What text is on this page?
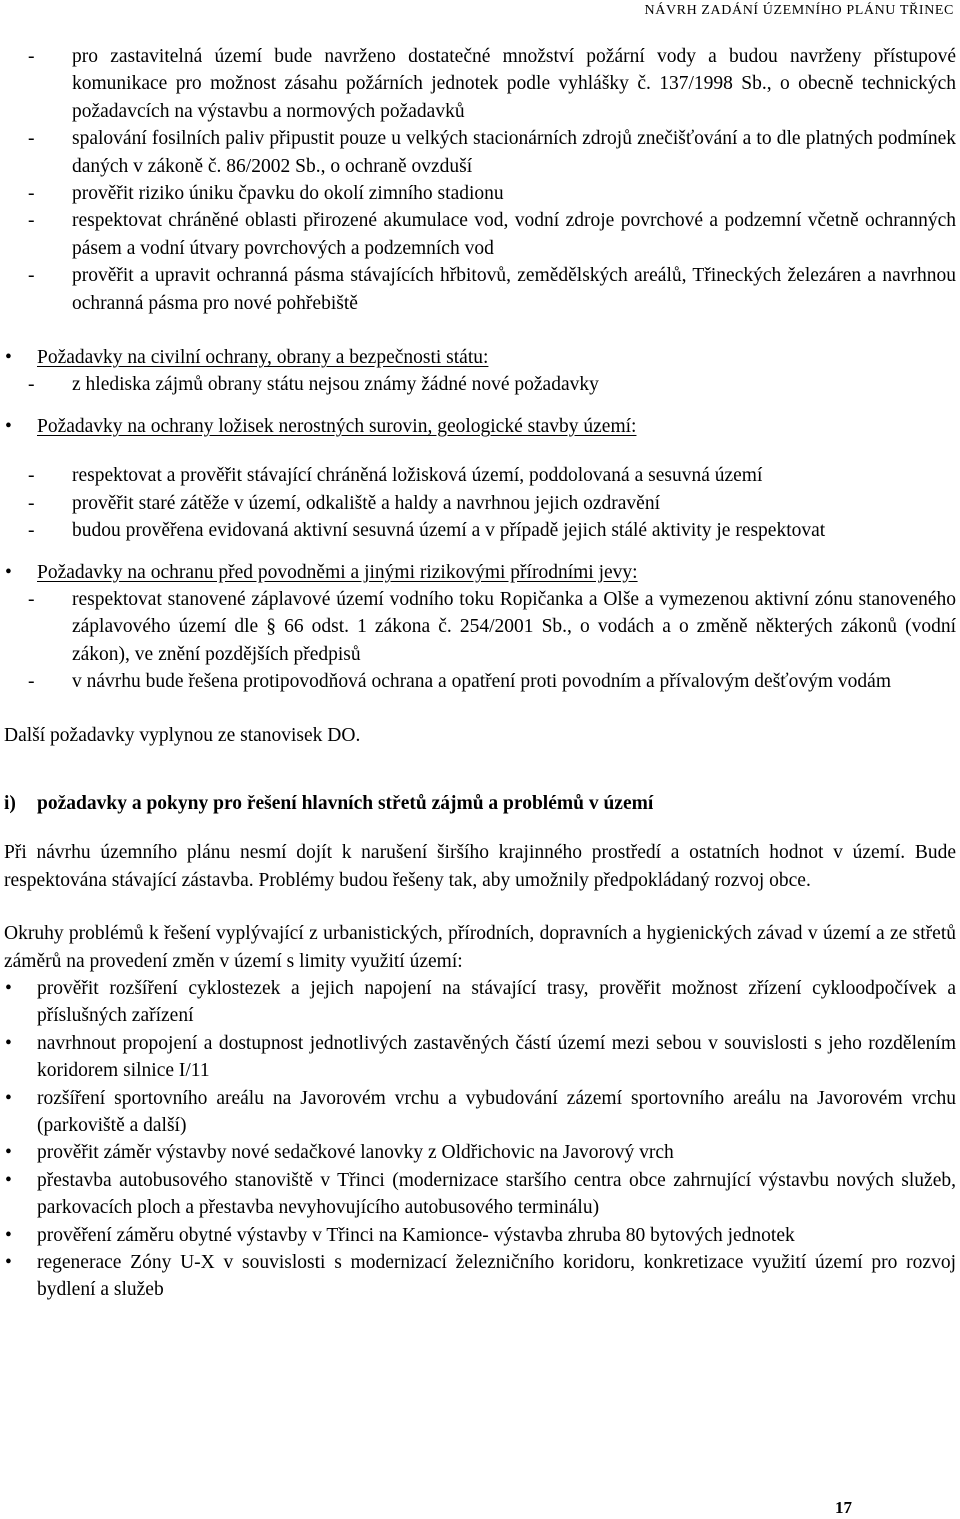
NÁVRH ZADÁNÍ ÚZEMNÍHO PLÁNU TŘINEC
- pro zastavitelná území bude navrženo dostatečné množství požární vody a budou navrženy přístupové komunikace pro možnost zásahu požárních jednotek podle vyhlášky č. 137/1998 Sb., o obecně technických požadavcích na výstavbu a normových požadavků
- spalování fosilních paliv připustit pouze u velkých stacionárních zdrojů znečišťování a to dle platných podmínek daných v zákoně č. 86/2002 Sb., o ochraně ovzduší
- prověřit riziko úniku čpavku do okolí zimního stadionu
- respektovat chráněné oblasti přirozené akumulace vod, vodní zdroje povrchové a podzemní včetně ochranných pásem a vodní útvary povrchových a podzemních vod
- prověřit a upravit ochranná pásma stávajících hřbitovů, zemědělských areálů, Třineckých železáren a navrhnou ochranná pásma pro nové pohřebiště
• Požadavky na civilní ochrany, obrany a bezpečnosti státu:
- z hlediska zájmů obrany státu nejsou známy žádné nové požadavky
• Požadavky na ochrany ložisek nerostných surovin, geologické stavby území:
- respektovat a prověřit stávající chráněná ložisková území, poddolovaná a sesuvná území
- prověřit staré zátěže v území, odkaliště a haldy a navrhnou jejich ozdravění
- budou prověřena evidovaná aktivní sesuvná území a v případě jejich stálé aktivity je respektovat
• Požadavky na ochranu před povodněmi a jinými rizikovými přírodními jevy:
- respektovat stanovené záplavové území vodního toku Ropičanka a Olše a vymezenou aktivní zónu stanoveného záplavového území dle § 66 odst. 1 zákona č. 254/2001 Sb., o vodách a o změně některých zákonů (vodní zákon), ve znění pozdějších předpisů
- v návrhu bude řešena protipovodňová ochrana a opatření proti povodním a přívalovým dešťovým vodám

Další požadavky vyplynou ze stanovisek DO.

i) požadavky a pokyny pro řešení hlavních střetů zájmů a problémů v území

Při návrhu územního plánu nesmí dojít k narušení širšího krajinného prostředí a ostatních hodnot v území. Bude respektována stávající zástavba. Problémy budou řešeny tak, aby umožnily předpokládaný rozvoj obce.

Okruhy problémů k řešení vyplývající z urbanistických, přírodních, dopravních a hygienických závad v území a ze střetů záměrů na provedení změn v území s limity využití území:

• prověřit rozšíření cyklostezek a jejich napojení na stávající trasy, prověřit možnost zřízení cykloodpočívek a příslušných zařízení
• navrhnout propojení a dostupnost jednotlivých zastavěných částí území mezi sebou v souvislosti s jeho rozdělením koridorem silnice I/11
• rozšíření sportovního areálu na Javorovém vrchu a vybudování zázemí sportovního areálu na Javorovém vrchu (parkoviště a další)
• prověřit záměr výstavby nové sedačkové lanovky z Oldřichovic na Javorový vrch
• přestavba autobusového stanoviště v Třinci (modernizace staršího centra obce zahrnující výstavbu nových služeb, parkovacích ploch a přestavba nevyhovujícího autobusového terminálu)
• prověření záměru obytné výstavby v Třinci na Kamionce- výstavba zhruba 80 bytových jednotek
• regenerace Zóny U-X v souvislosti s modernizací železničního koridoru, konkretizace využití území pro rozvoj bydlení a služeb
17
